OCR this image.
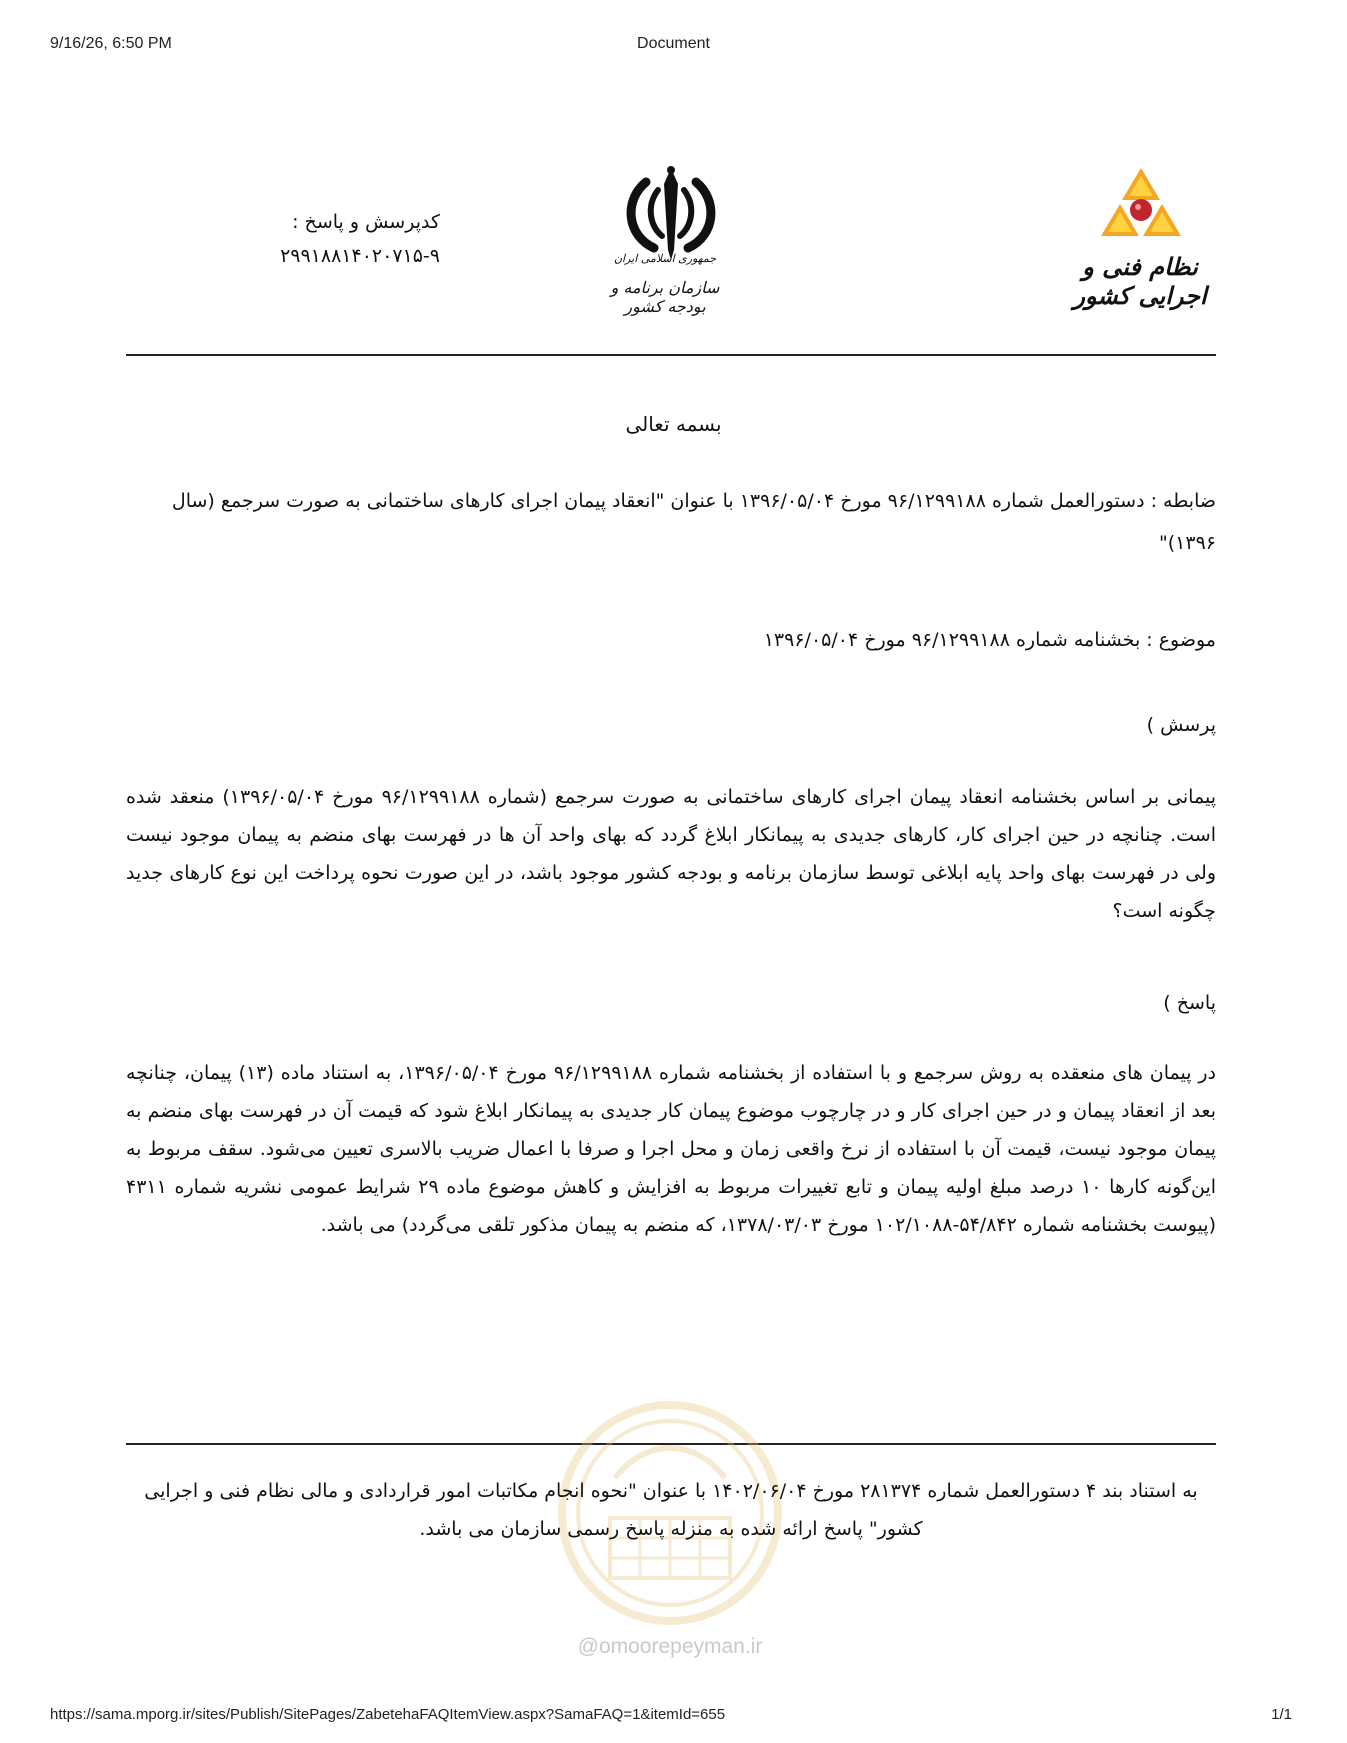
9/16/26, 6:50 PM	Document
کدپرسش و پاسخ :
۲۹۹۱۸۸۱۴۰۲۰۷۱۵-۹	جمهوری اسلامی ایران
سازمان برنامه و بودجه کشور
نظام فنی و اجرایی کشور
بسمه تعالی
ضابطه : دستورالعمل شماره ۹۶/۱۲۹۹۱۸۸ مورخ ۱۳۹۶/۰۵/۰۴ با عنوان "انعقاد پیمان اجرای کارهای ساختمانی به صورت سرجمع (سال ۱۳۹۶)"
موضوع : بخشنامه شماره ۹۶/۱۲۹۹۱۸۸ مورخ ۱۳۹۶/۰۵/۰۴
پرسش )
پیمانی بر اساس بخشنامه انعقاد پیمان اجرای کارهای ساختمانی به صورت سرجمع (شماره ۹۶/۱۲۹۹۱۸۸ مورخ ۱۳۹۶/۰۵/۰۴) منعقد شده است. چنانچه در حین اجرای کار، کارهای جدیدی به پیمانکار ابلاغ گردد که بهای واحد آن ها در فهرست بهای منضم به پیمان موجود نیست ولی در فهرست بهای واحد پایه ابلاغی توسط سازمان برنامه و بودجه کشور موجود باشد، در این صورت نحوه پرداخت این نوع کارهای جدید چگونه است؟
پاسخ )
در پیمان های منعقده به روش سرجمع و با استفاده از بخشنامه شماره ۹۶/۱۲۹۹۱۸۸ مورخ ۱۳۹۶/۰۵/۰۴، به استناد ماده (۱۳) پیمان، چنانچه بعد از انعقاد پیمان و در حین اجرای کار و در چارچوب موضوع پیمان کار جدیدی به پیمانکار ابلاغ شود که قیمت آن در فهرست بهای منضم به پیمان موجود نیست، قیمت آن با استفاده از نرخ واقعی زمان و محل اجرا و صرفا با اعمال ضریب بالاسری تعیین می‌شود. سقف مربوط به این‌گونه کارها ۱۰ درصد مبلغ اولیه پیمان و تابع تغییرات مربوط به افزایش و کاهش موضوع ماده ۲۹ شرایط عمومی نشریه شماره ۴۳۱۱ (پیوست بخشنامه شماره ۵۴/۸۴۲-۱۰۲/۱۰۸۸ مورخ ۱۳۷۸/۰۳/۰۳، که منضم به پیمان مذکور تلقی می‌گردد) می باشد.
به استناد بند ۴ دستورالعمل شماره ۲۸۱۳۷۴ مورخ ۱۴۰۲/۰۶/۰۴ با عنوان "نحوه انجام مکاتبات امور قراردادی و مالی نظام فنی و اجرایی کشور" پاسخ ارائه شده به منزله پاسخ رسمی سازمان می باشد.
@omoorepeyman.ir
https://sama.mporg.ir/sites/Publish/SitePages/ZabetehaFAQItemView.aspx?SamaFAQ=1&itemId=655	1/1
